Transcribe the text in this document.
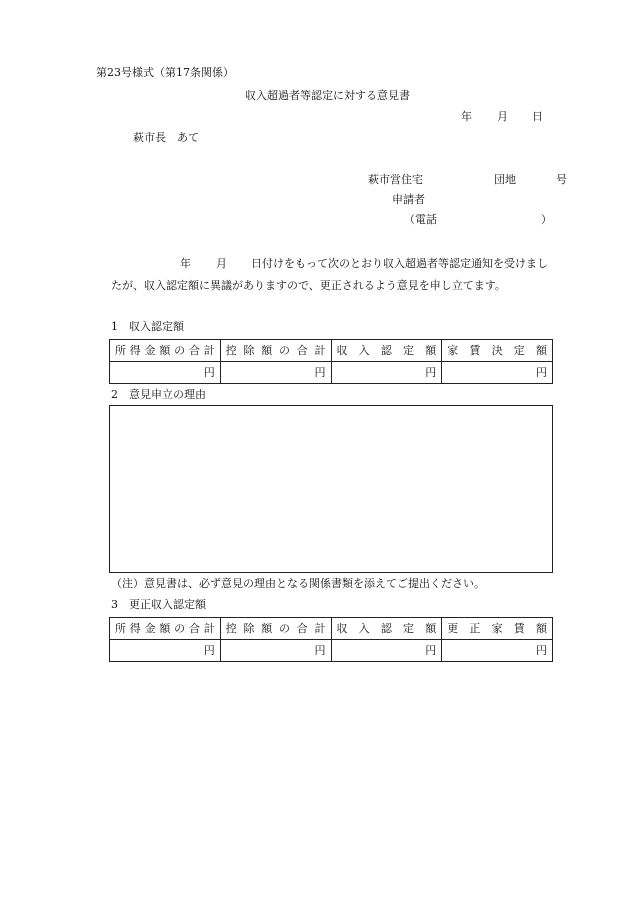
第23号様式（第17条関係）
収入超過者等認定に対する意見書
年 月 日
萩市長　あて
萩市営住宅	団地	号
申請者
（電話	）
年 月 日付けをもって次のとおり収入超過者等認定通知を受けまし
たが、収入認定額に異議がありますので、更正されるよう意見を申し立てます。
1　収入認定額
所得金額の合計	控除額の合計	収入認定額	家賃決定額
円	円	円	円
2　意見申立の理由
（注）意見書は、必ず意見の理由となる関係書類を添えてご提出ください。
3　更正収入認定額
所得金額の合計	控除額の合計	収入認定額	更正家賃額
円	円	円	円
